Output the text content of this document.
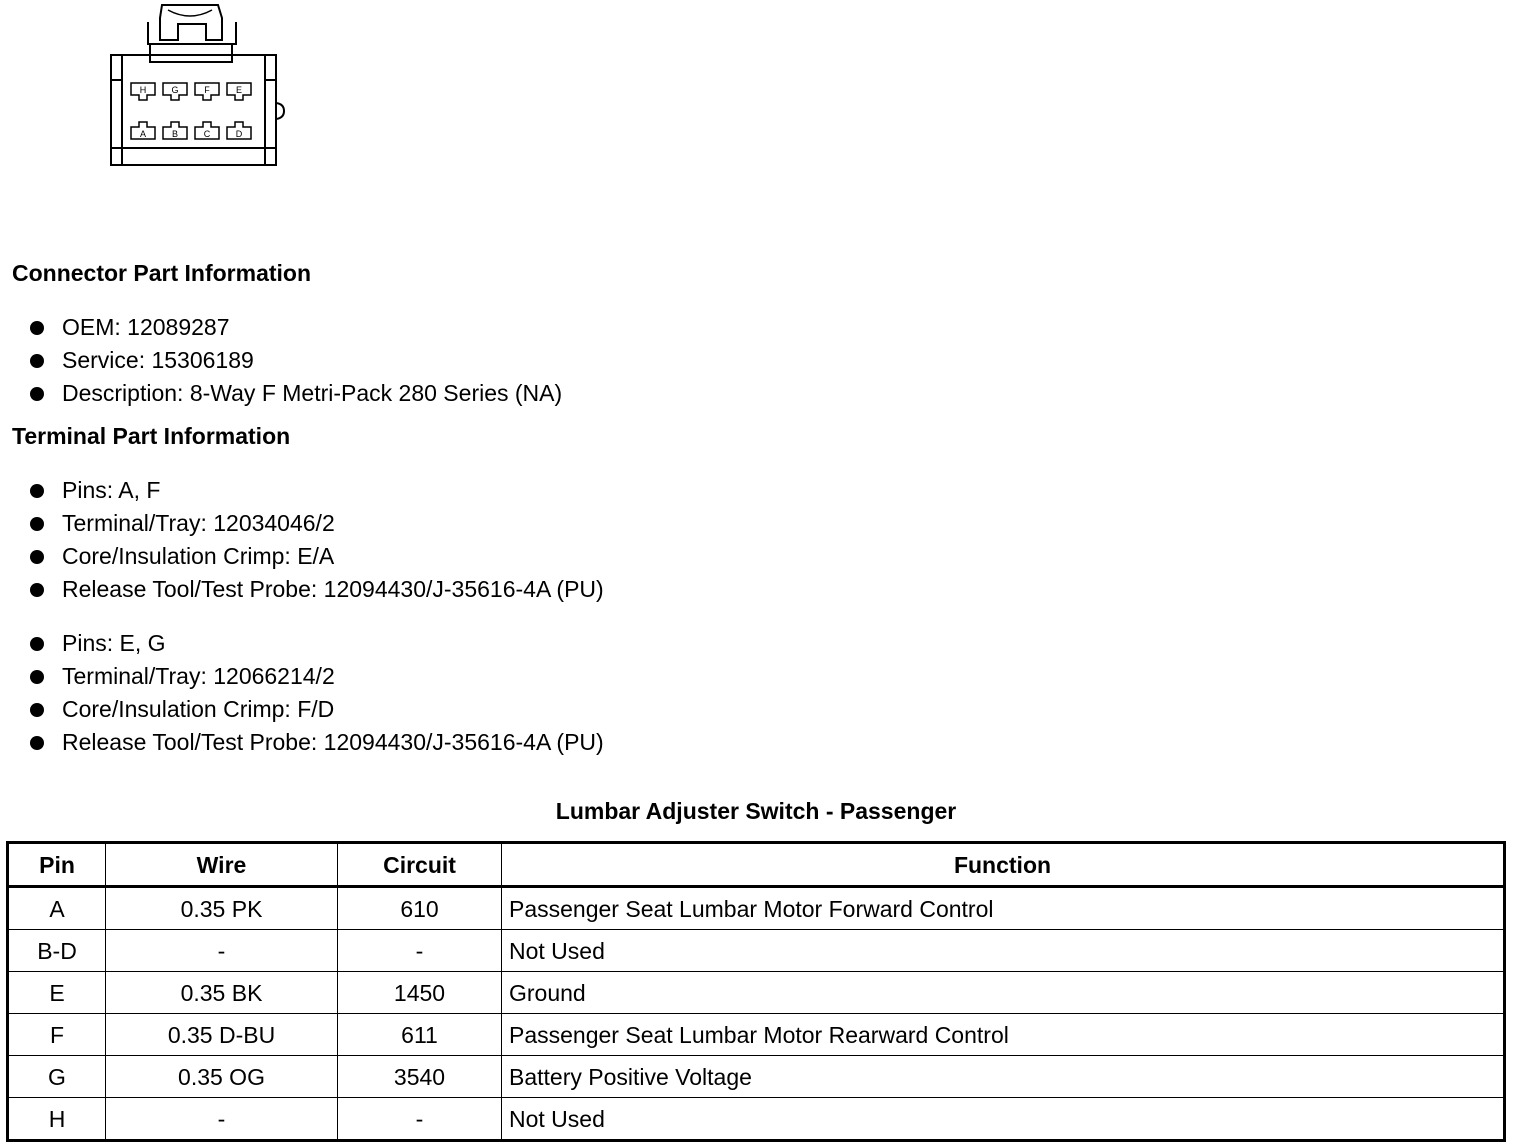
H	G	F	E
A	B	C	D
Connector Part Information
OEM: 12089287
Service: 15306189
Description: 8-Way F Metri-Pack 280 Series (NA)
Terminal Part Information
Pins: A, F
Terminal/Tray: 12034046/2
Core/Insulation Crimp: E/A
Release Tool/Test Probe: 12094430/J-35616-4A (PU)
Pins: E, G
Terminal/Tray: 12066214/2
Core/Insulation Crimp: F/D
Release Tool/Test Probe: 12094430/J-35616-4A (PU)
Lumbar Adjuster Switch - Passenger
Pin	Wire	Circuit	Function
A	0.35 PK	610	Passenger Seat Lumbar Motor Forward Control
B-D	-	-	Not Used
E	0.35 BK	1450	Ground
F	0.35 D-BU	611	Passenger Seat Lumbar Motor Rearward Control
G	0.35 OG	3540	Battery Positive Voltage
H	-	-	Not Used
